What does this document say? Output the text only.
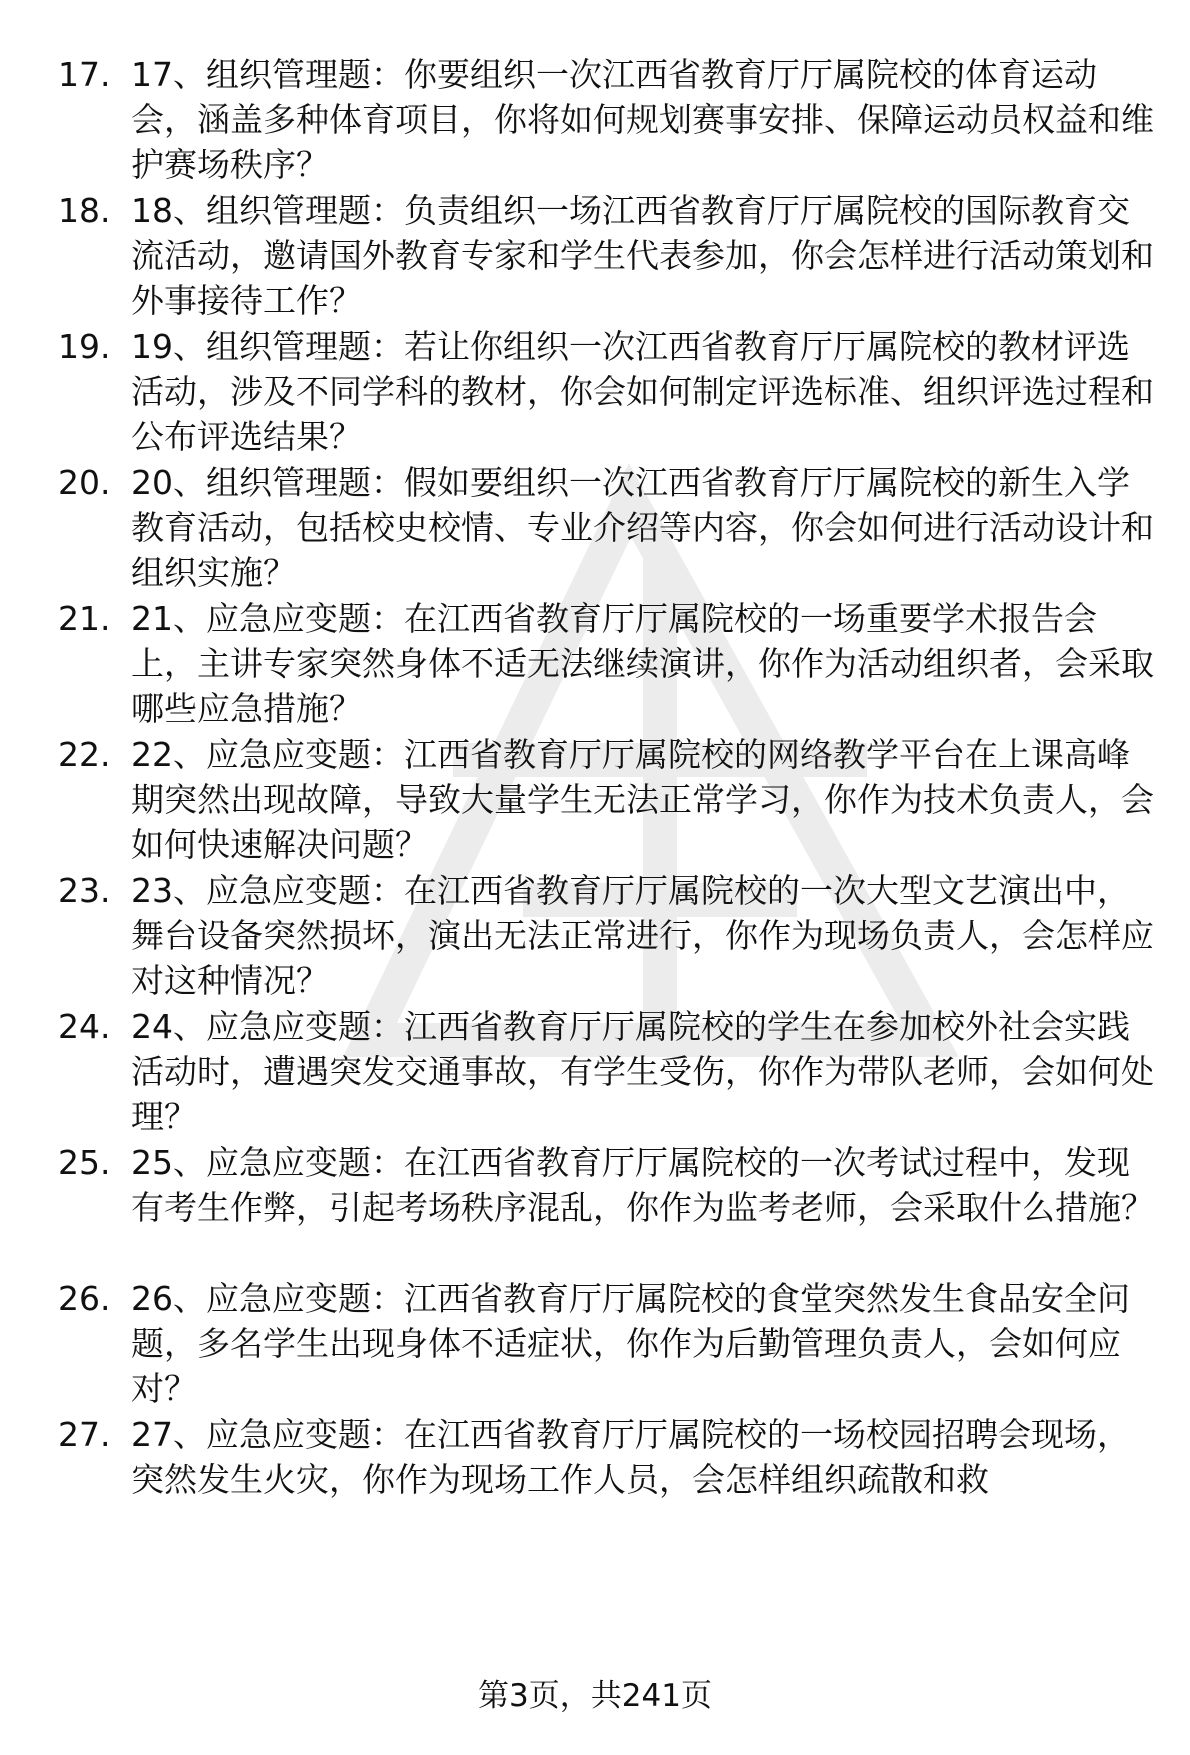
17. 17、组织管理题：你要组织一次江西省教育厅厅属院校的体育运动会，涵盖多种体育项目，你将如何规划赛事安排、保障运动员权益和维护赛场秩序？
18. 18、组织管理题：负责组织一场江西省教育厅厅属院校的国际教育交流活动，邀请国外教育专家和学生代表参加，你会怎样进行活动策划和外事接待工作？
19. 19、组织管理题：若让你组织一次江西省教育厅厅属院校的教材评选活动，涉及不同学科的教材，你会如何制定评选标准、组织评选过程和公布评选结果？
20. 20、组织管理题：假如要组织一次江西省教育厅厅属院校的新生入学教育活动，包括校史校情、专业介绍等内容，你会如何进行活动设计和组织实施？
21. 21、应急应变题：在江西省教育厅厅属院校的一场重要学术报告会上，主讲专家突然身体不适无法继续演讲，你作为活动组织者，会采取哪些应急措施？
22. 22、应急应变题：江西省教育厅厅属院校的网络教学平台在上课高峰期突然出现故障，导致大量学生无法正常学习，你作为技术负责人，会如何快速解决问题？
23. 23、应急应变题：在江西省教育厅厅属院校的一次大型文艺演出中，舞台设备突然损坏，演出无法正常进行，你作为现场负责人，会怎样应对这种情况？
24. 24、应急应变题：江西省教育厅厅属院校的学生在参加校外社会实践活动时，遭遇突发交通事故，有学生受伤，你作为带队老师，会如何处理？
25. 25、应急应变题：在江西省教育厅厅属院校的一次考试过程中，发现有考生作弊，引起考场秩序混乱，你作为监考老师，会采取什么措施？
26. 26、应急应变题：江西省教育厅厅属院校的食堂突然发生食品安全问题，多名学生出现身体不适症状，你作为后勤管理负责人，会如何应对？
27. 27、应急应变题：在江西省教育厅厅属院校的一场校园招聘会现场，突然发生火灾，你作为现场工作人员，会怎样组织疏散和救
第3页，共241页
